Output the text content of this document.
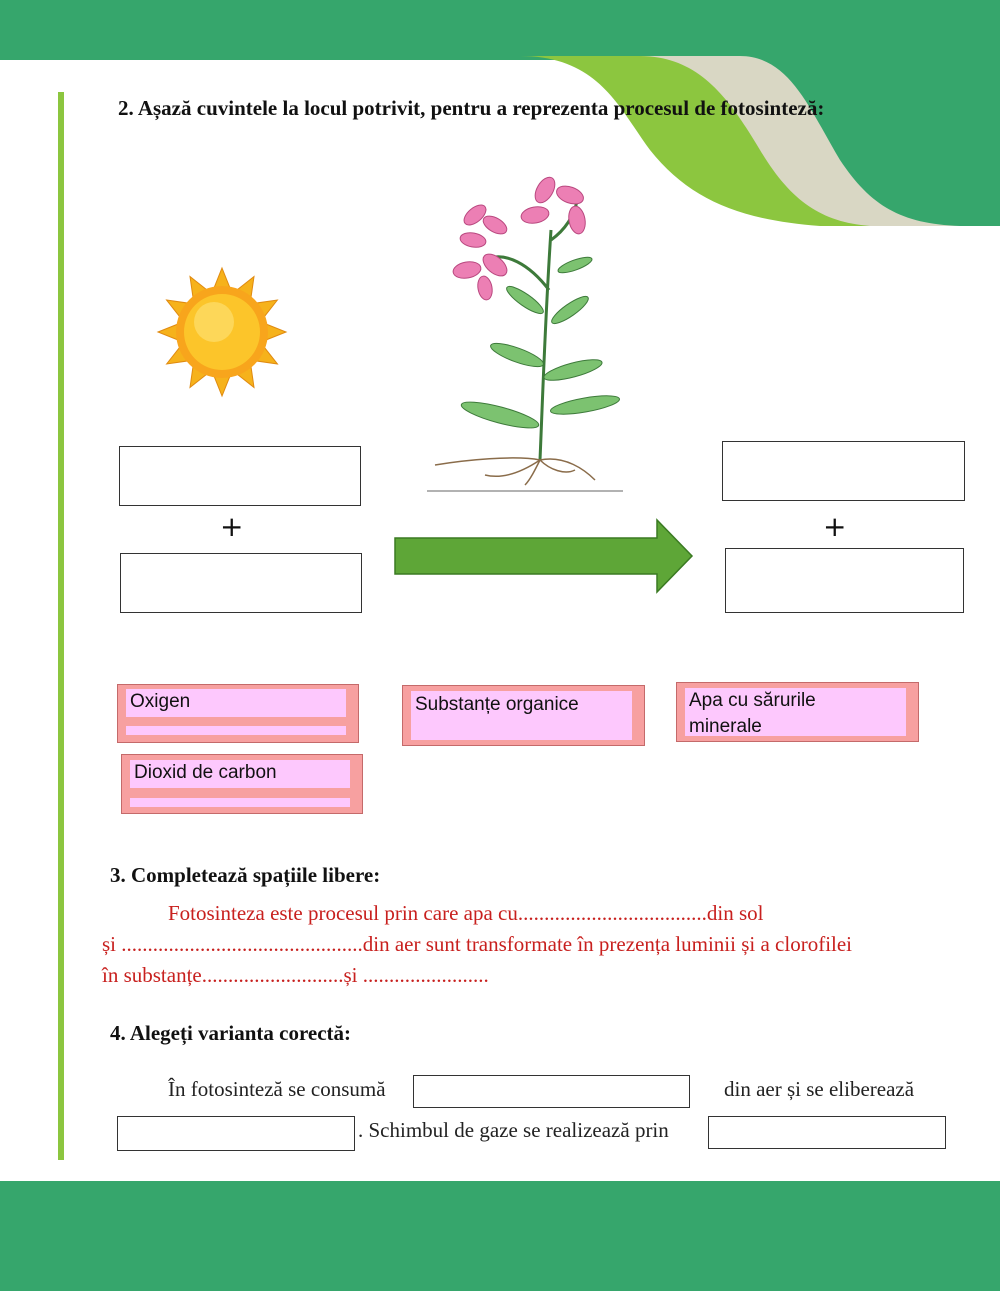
2. Așază cuvintele la locul potrivit, pentru a reprezenta procesul de fotosinteză:
+	+
Oxigen	Substanțe organice	Apa cu sărurile minerale
Dioxid de carbon
3. Completează spațiile libere:
Fotosinteza este procesul prin care apa cu....................................din sol
și ..............................................din aer sunt transformate în prezența luminii și a clorofilei
în substanțe...........................și ........................
4. Alegeți varianta corectă:
În fotosinteză se consumă	din aer și se eliberează
. Schimbul de gaze se realizează prin
